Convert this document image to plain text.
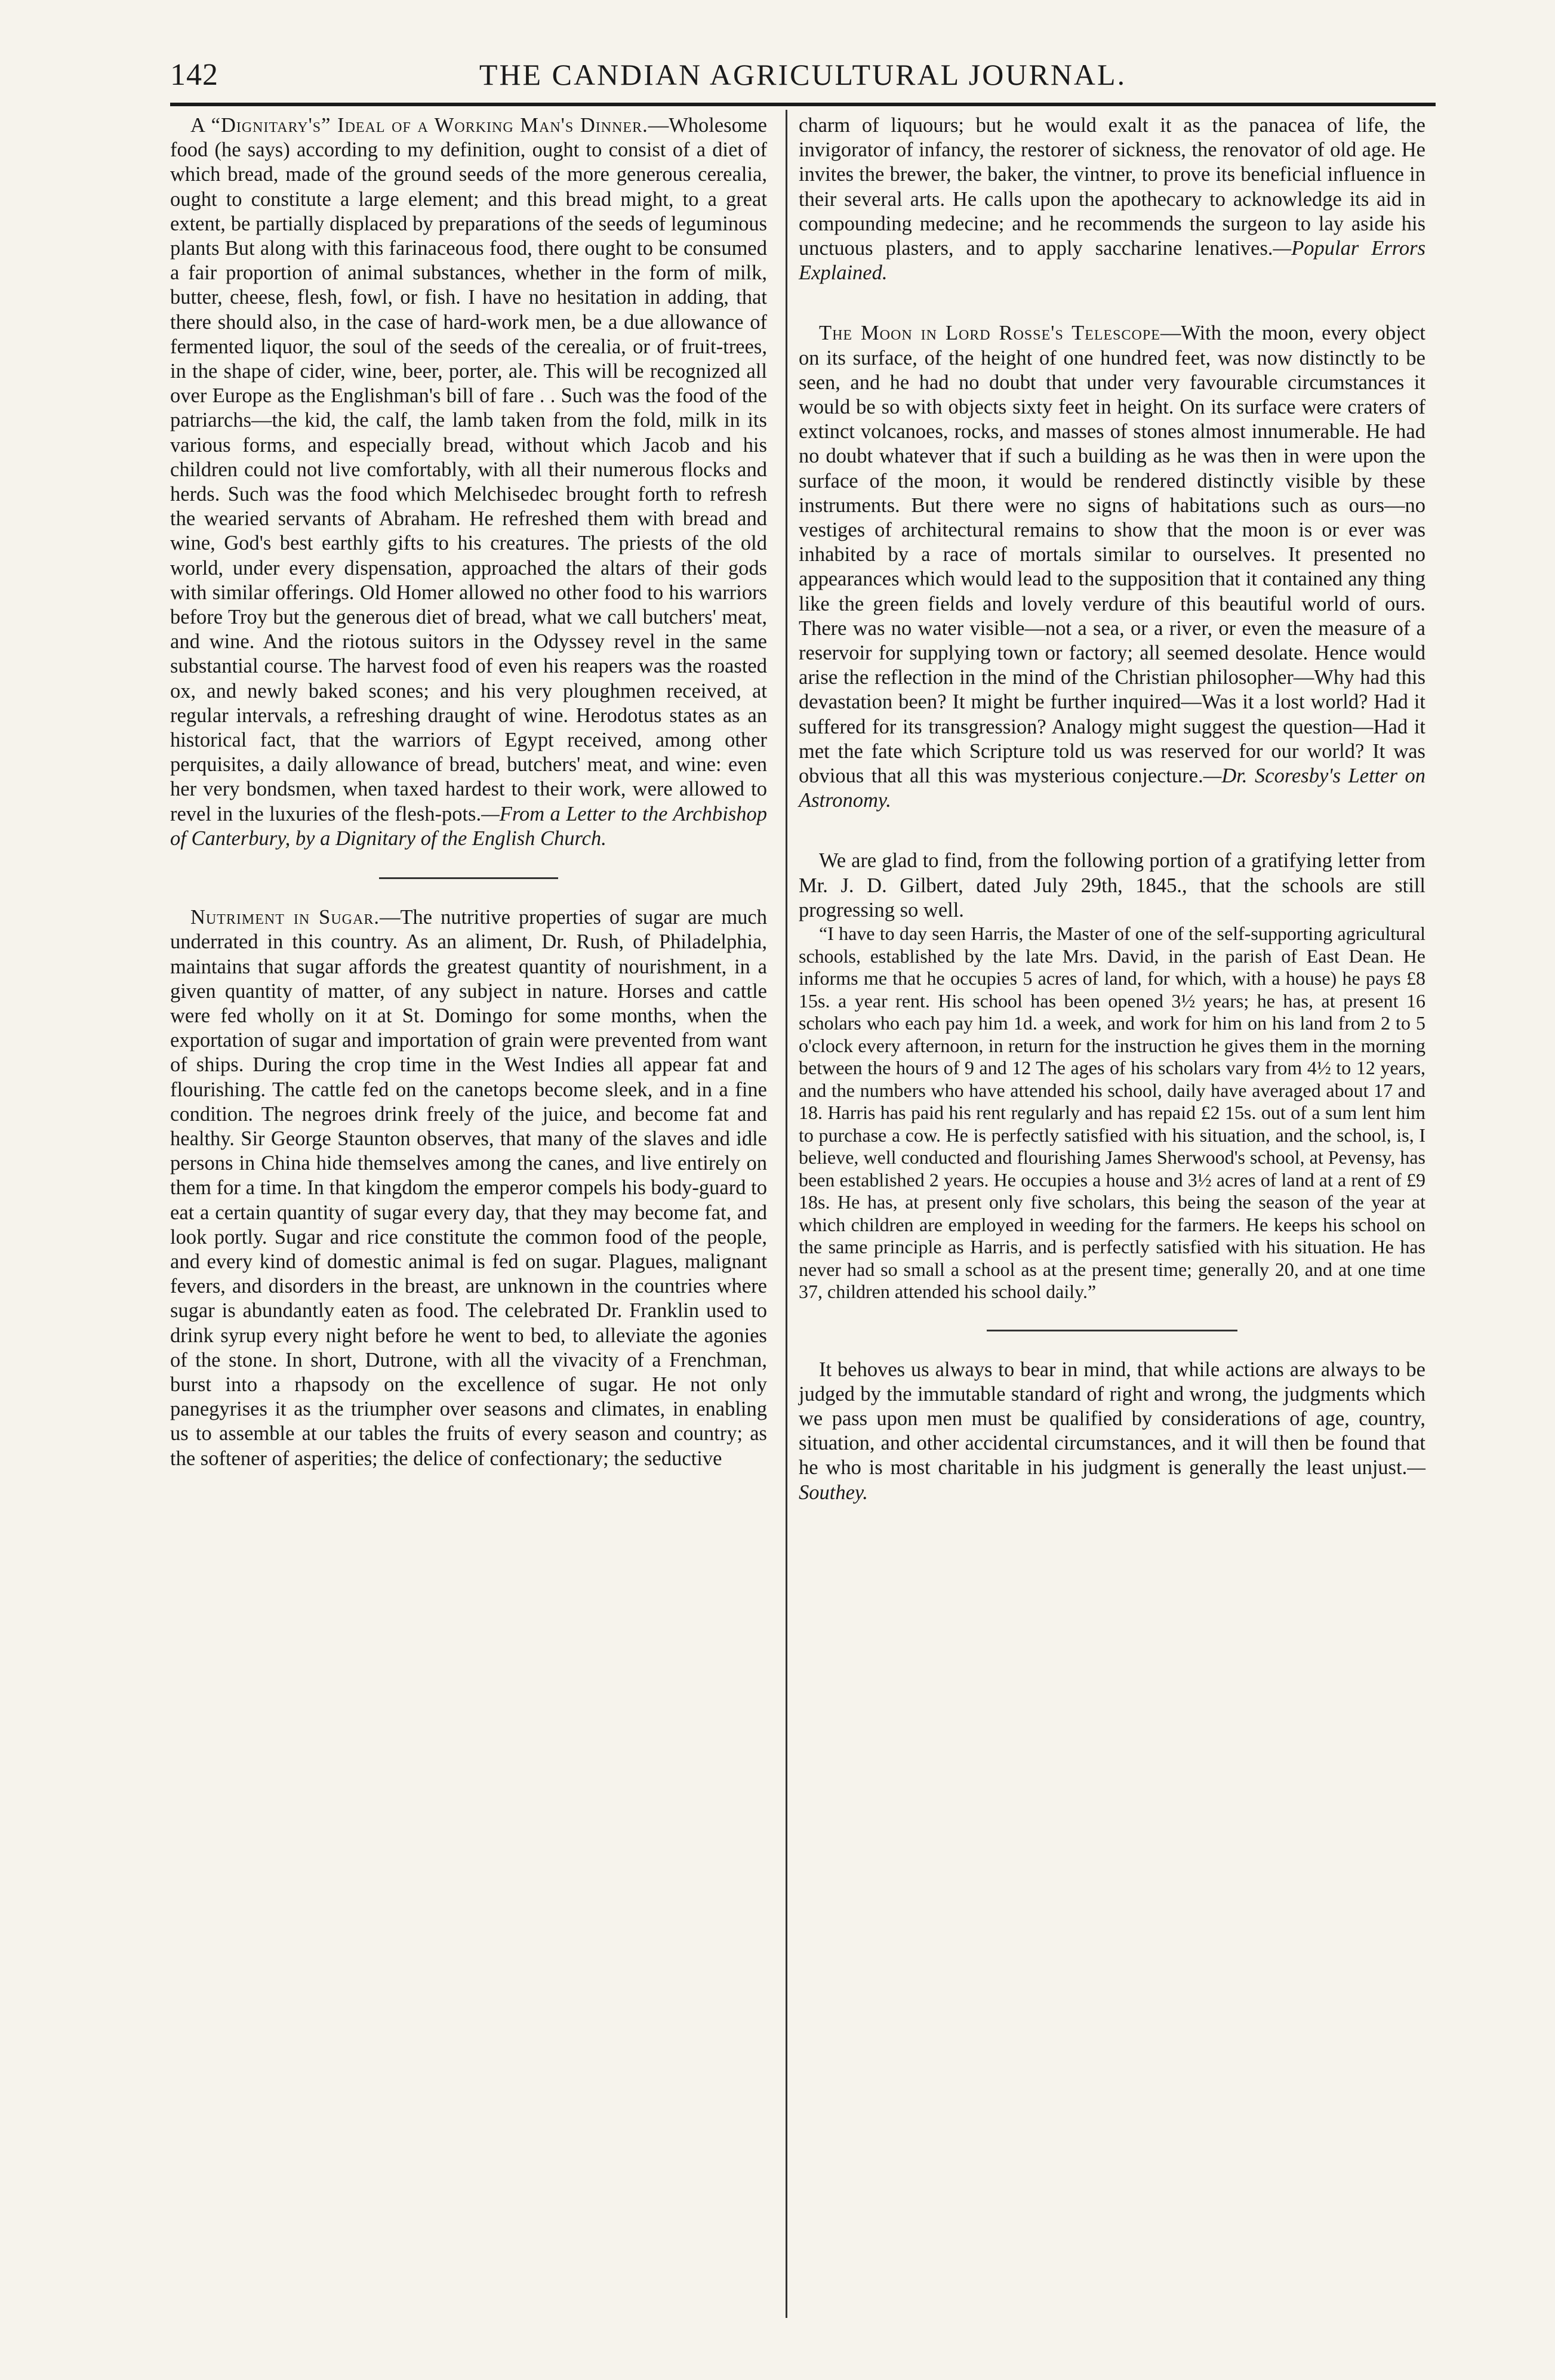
142	THE CANDIAN AGRICULTURAL JOURNAL.

A “Dignitary's” Ideal of a Working Man's Dinner.—Wholesome food (he says) according to my definition, ought to consist of a diet of which bread, made of the ground seeds of the more generous cerealia, ought to constitute a large element; and this bread might, to a great extent, be partially displaced by preparations of the seeds of leguminous plants But along with this farinaceous food, there ought to be consumed a fair proportion of animal substances, whether in the form of milk, butter, cheese, flesh, fowl, or fish. I have no hesitation in adding, that there should also, in the case of hard-work men, be a due allowance of fermented liquor, the soul of the seeds of the cerealia, or of fruit-trees, in the shape of cider, wine, beer, porter, ale. This will be recognized all over Europe as the Englishman's bill of fare . . Such was the food of the patriarchs—the kid, the calf, the lamb taken from the fold, milk in its various forms, and especially bread, without which Jacob and his children could not live comfortably, with all their numerous flocks and herds. Such was the food which Melchisedec brought forth to refresh the wearied servants of Abraham. He refreshed them with bread and wine, God's best earthly gifts to his creatures. The priests of the old world, under every dispensation, approached the altars of their gods with similar offerings. Old Homer allowed no other food to his warriors before Troy but the generous diet of bread, what we call butchers' meat, and wine. And the riotous suitors in the Odyssey revel in the same substantial course. The harvest food of even his reapers was the roasted ox, and newly baked scones; and his very ploughmen received, at regular intervals, a refreshing draught of wine. Herodotus states as an historical fact, that the warriors of Egypt received, among other perquisites, a daily allowance of bread, butchers' meat, and wine: even her very bondsmen, when taxed hardest to their work, were allowed to revel in the luxuries of the flesh-pots.—From a Letter to the Archbishop of Canterbury, by a Dignitary of the English Church.

Nutriment in Sugar.—The nutritive properties of sugar are much underrated in this country. As an aliment, Dr. Rush, of Philadelphia, maintains that sugar affords the greatest quantity of nourishment, in a given quantity of matter, of any subject in nature. Horses and cattle were fed wholly on it at St. Domingo for some months, when the exportation of sugar and importation of grain were prevented from want of ships. During the crop time in the West Indies all appear fat and flourishing. The cattle fed on the canetops become sleek, and in a fine condition. The negroes drink freely of the juice, and become fat and healthy. Sir George Staunton observes, that many of the slaves and idle persons in China hide themselves among the canes, and live entirely on them for a time. In that kingdom the emperor compels his body-guard to eat a certain quantity of sugar every day, that they may become fat, and look portly. Sugar and rice constitute the common food of the people, and every kind of domestic animal is fed on sugar. Plagues, malignant fevers, and disorders in the breast, are unknown in the countries where sugar is abundantly eaten as food. The celebrated Dr. Franklin used to drink syrup every night before he went to bed, to alleviate the agonies of the stone. In short, Dutrone, with all the vivacity of a Frenchman, burst into a rhapsody on the excellence of sugar. He not only panegyrises it as the triumpher over seasons and climates, in enabling us to assemble at our tables the fruits of every season and country; as the softener of asperities; the delice of confectionary; the seductive

charm of liquours; but he would exalt it as the panacea of life, the invigorator of infancy, the restorer of sickness, the renovator of old age. He invites the brewer, the baker, the vintner, to prove its beneficial influence in their several arts. He calls upon the apothecary to acknowledge its aid in compounding medecine; and he recommends the surgeon to lay aside his unctuous plasters, and to apply saccharine lenatives.—Popular Errors Explained.

The Moon in Lord Rosse's Telescope—With the moon, every object on its surface, of the height of one hundred feet, was now distinctly to be seen, and he had no doubt that under very favourable circumstances it would be so with objects sixty feet in height. On its surface were craters of extinct volcanoes, rocks, and masses of stones almost innumerable. He had no doubt whatever that if such a building as he was then in were upon the surface of the moon, it would be rendered distinctly visible by these instruments. But there were no signs of habitations such as ours—no vestiges of architectural remains to show that the moon is or ever was inhabited by a race of mortals similar to ourselves. It presented no appearances which would lead to the supposition that it contained any thing like the green fields and lovely verdure of this beautiful world of ours. There was no water visible—not a sea, or a river, or even the measure of a reservoir for supplying town or factory; all seemed desolate. Hence would arise the reflection in the mind of the Christian philosopher—Why had this devastation been? It might be further inquired—Was it a lost world? Had it suffered for its transgression? Analogy might suggest the question—Had it met the fate which Scripture told us was reserved for our world? It was obvious that all this was mysterious conjecture.—Dr. Scoresby's Letter on Astronomy.

We are glad to find, from the following portion of a gratifying letter from Mr. J. D. Gilbert, dated July 29th, 1845., that the schools are still progressing so well.

“I have to day seen Harris, the Master of one of the self-supporting agricultural schools, established by the late Mrs. David, in the parish of East Dean. He informs me that he occupies 5 acres of land, for which, with a house) he pays £8 15s. a year rent. His school has been opened 3½ years; he has, at present 16 scholars who each pay him 1d. a week, and work for him on his land from 2 to 5 o'clock every afternoon, in return for the instruction he gives them in the morning between the hours of 9 and 12 The ages of his scholars vary from 4½ to 12 years, and the numbers who have attended his school, daily have averaged about 17 and 18. Harris has paid his rent regularly and has repaid £2 15s. out of a sum lent him to purchase a cow. He is perfectly satisfied with his situation, and the school, is, I believe, well conducted and flourishing James Sherwood's school, at Pevensy, has been established 2 years. He occupies a house and 3½ acres of land at a rent of £9 18s. He has, at present only five scholars, this being the season of the year at which children are employed in weeding for the farmers. He keeps his school on the same principle as Harris, and is perfectly satisfied with his situation. He has never had so small a school as at the present time; generally 20, and at one time 37, children attended his school daily.”

It behoves us always to bear in mind, that while actions are always to be judged by the immutable standard of right and wrong, the judgments which we pass upon men must be qualified by considerations of age, country, situation, and other accidental circumstances, and it will then be found that he who is most charitable in his judgment is generally the least unjust.—Southey.
